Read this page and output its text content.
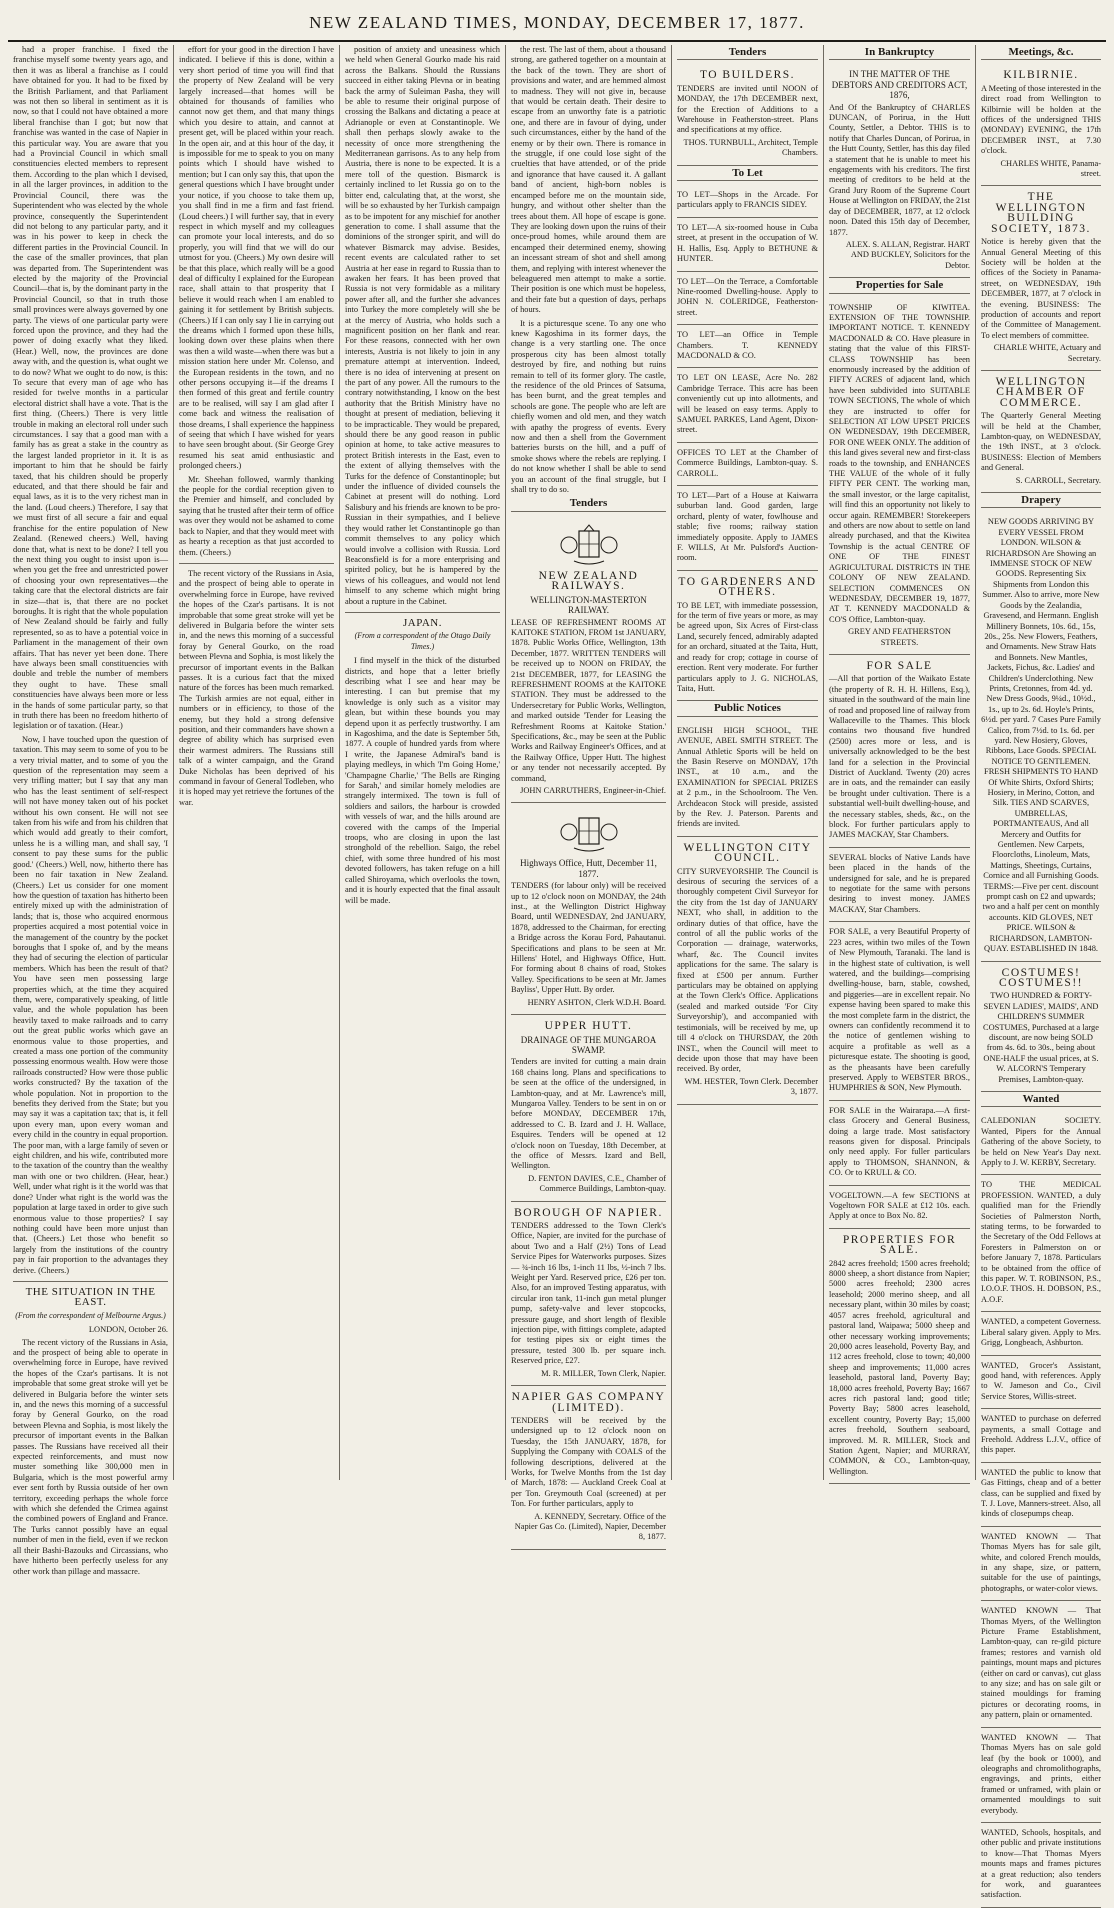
NEW ZEALAND TIMES, MONDAY, DECEMBER 17, 1877.

had a proper franchise. I fixed the franchise myself some twenty years ago, and then it was as liberal a franchise as I could have obtained for you. It had to be fixed by the British Parliament, and that Parliament was not then so liberal in sentiment as it is now, so that I could not have obtained a more liberal franchise than I got; but now that franchise was wanted in the case of Napier in this particular way. You are aware that you had a Provincial Council in which small constituencies elected members to represent them. According to the plan which I devised, in all the larger provinces, in addition to the Provincial Council, there was the Superintendent who was elected by the whole province, consequently the Superintendent did not belong to any particular party, and it was in his power to keep in check the different parties in the Provincial Council. In the case of the smaller provinces, that plan was departed from. The Superintendent was elected by the majority of the Provincial Council—that is, by the dominant party in the Provincial Council, so that in truth those small provinces were always governed by one party. The views of one particular party were forced upon the province, and they had the power of doing exactly what they liked. (Hear.) Well, now, the provinces are done away with, and the question is, what ought we to do now? What we ought to do now, is this: To secure that every man of age who has resided for twelve months in a particular electoral district shall have a vote. That is the first thing. (Cheers.) There is very little trouble in making an electoral roll under such circumstances. I say that a good man with a family has as great a stake in the country as the largest landed proprietor in it. It is as important to him that he should be fairly taxed, that his children should be properly educated, and that there should be fair and equal laws, as it is to the very richest man in the land. (Loud cheers.) Therefore, I say that we must first of all secure a fair and equal franchise for the entire population of New Zealand. (Renewed cheers.) Well, having done that, what is next to be done? I tell you the next thing you ought to insist upon is—when you get the free and unrestricted power of choosing your own representatives—the taking care that the electoral districts are fair in size—that is, that there are no pocket boroughs. It is right that the whole population of New Zealand should be fairly and fully represented, so as to have a potential voice in Parliament in the management of their own affairs. That has never yet been done. There have always been small constituencies with double and treble the number of members they ought to have. These small constituencies have always been more or less in the hands of some particular party, so that in truth there has been no freedom hitherto of legislation or of taxation. (Hear.)

Now, I have touched upon the question of taxation. This may seem to some of you to be a very trivial matter, and to some of you the question of the representation may seem a very trifling matter; but I say that any man who has the least sentiment of self-respect will not have money taken out of his pocket without his own consent. He will not see taken from his wife and from his children that which would add greatly to their comfort, unless he is a willing man, and shall say, 'I consent to pay these sums for the public good.' (Cheers.) Well, now, hitherto there has been no fair taxation in New Zealand. (Cheers.) Let us consider for one moment how the question of taxation has hitherto been entirely mixed up with the administration of lands; that is, those who acquired enormous properties acquired a most potential voice in the management of the country by the pocket boroughs that I spoke of, and by the means they had of securing the election of particular members. Which has been the result of that? You have seen men possessing large properties which, at the time they acquired them, were, comparatively speaking, of little value, and the whole population has been heavily taxed to make railroads and to carry out the great public works which gave an enormous value to those properties, and created a mass one portion of the community possessing enormous wealth. How were those railroads constructed? How were those public works constructed? By the taxation of the whole population. Not in proportion to the benefits they derived from the State; but you may say it was a capitation tax; that is, it fell upon every man, upon every woman and every child in the country in equal proportion. The poor man, with a large family of seven or eight children, and his wife, contributed more to the taxation of the country than the wealthy man with one or two children. (Hear, hear.) Well, under what right is it the world was that done? Under what right is the world was the population at large taxed in order to give such enormous value to those properties? I say nothing could have been more unjust than that. (Cheers.) Let those who benefit so largely from the institutions of the country pay in fair proportion to the advantages they derive. (Cheers.)

THE SITUATION IN THE EAST.
(From the correspondent of Melbourne Argus.)
LONDON, October 26.

The recent victory of the Russians in Asia, and the prospect of being able to operate in overwhelming force in Europe, have revived the hopes of the Czar's partisans. It is not improbable that some great stroke will yet be delivered in Bulgaria before the winter sets in, and the news this morning of a successful foray by General Gourko, on the road between Plevna and Sophia, is most likely the precursor of important events in the Balkan passes. The Russians have received all their expected reinforcements, and must now muster something like 300,000 men in Bulgaria, which is the most powerful army ever sent forth by Russia outside of her own territory, exceeding perhaps the whole force with which she defended the Crimea against the combined powers of England and France. The Turks cannot possibly have an equal number of men in the field, even if we reckon all their Bashi-Bazouks and Circassians, who have hitherto been perfectly useless for any other work than pillage and massacre.

effort for your good in the direction I have indicated. I believe if this is done, within a very short period of time you will find that the property of New Zealand will be very largely increased—that homes will be obtained for thousands of families who cannot now get them, and that many things which you desire to attain, and cannot at present get, will be placed within your reach. In the open air, and at this hour of the day, it is impossible for me to speak to you on many points which I should have wished to mention; but I can only say this, that upon the general questions which I have brought under your notice, if you choose to take them up, you shall find in me a firm and fast friend. (Loud cheers.) I will further say, that in every respect in which myself and my colleagues can promote your local interests, and do so properly, you will find that we will do our utmost for you. (Cheers.) My own desire will be that this place, which really will be a good deal of difficulty I explained for the European race, shall attain to that prosperity that I believe it would reach when I am enabled to gaining it for settlement by British subjects. (Cheers.) If I can only say I lie in carrying out the dreams which I formed upon these hills, looking down over these plains when there was then a wild waste—when there was but a mission station here under Mr. Colenso, and the European residents in the town, and no other persons occupying it—if the dreams I then formed of this great and fertile country are to be realised, will say I am glad after I come back and witness the realisation of those dreams, I shall experience the happiness of seeing that which I have wished for years to have seen brought about. (Sir George Grey resumed his seat amid enthusiastic and prolonged cheers.)

Mr. Sheehan followed, warmly thanking the people for the cordial reception given to the Premier and himself, and concluded by saying that he trusted after their term of office was over they would not be ashamed to come back to Napier, and that they would meet with as hearty a reception as that just accorded to them. (Cheers.)

The recent victory of the Russians in Asia, and the prospect of being able to operate in overwhelming force in Europe, have revived the hopes of the Czar's partisans. It is not improbable that some great stroke will yet be delivered in Bulgaria before the winter sets in, and the news this morning of a successful foray by General Gourko, on the road between Plevna and Sophia, is most likely the precursor of important events in the Balkan passes. It is a curious fact that the mixed nature of the forces has been much remarked. The Turkish armies are not equal, either in numbers or in efficiency, to those of the enemy, but they hold a strong defensive position, and their commanders have shown a degree of ability which has surprised even their warmest admirers. The Russians still talk of a winter campaign, and the Grand Duke Nicholas has been deprived of his command in favour of General Todleben, who it is hoped may yet retrieve the fortunes of the war.

position of anxiety and uneasiness which we held when General Gourko made his raid across the Balkans. Should the Russians succeed in either taking Plevna or in beating back the army of Suleiman Pasha, they will be able to resume their original purpose of crossing the Balkans and dictating a peace at Adrianople or even at Constantinople. We shall then perhaps slowly awake to the necessity of once more strengthening the Mediterranean garrisons. As to any help from Austria, there is none to be expected. It is a mere toll of the question. Bismarck is certainly inclined to let Russia go on to the bitter end, calculating that, at the worst, she will be so exhausted by her Turkish campaign as to be impotent for any mischief for another generation to come. I shall assume that the dominions of the stronger spirit, and will do whatever Bismarck may advise. Besides, recent events are calculated rather to set Austria at her ease in regard to Russia than to awaken her fears. It has been proved that Russia is not very formidable as a military power after all, and the further she advances into Turkey the more completely will she be at the mercy of Austria, who holds such a magnificent position on her flank and rear. For these reasons, connected with her own interests, Austria is not likely to join in any premature attempt at intervention. Indeed, there is no idea of intervening at present on the part of any power. All the rumours to the contrary notwithstanding, I know on the best authority that the British Ministry have no thought at present of mediation, believing it to be impracticable. They would be prepared, should there be any good reason in public opinion at home, to take active measures to protect British interests in the East, even to the extent of allying themselves with the Turks for the defence of Constantinople; but under the influence of divided counsels the Cabinet at present will do nothing. Lord Salisbury and his friends are known to be pro-Russian in their sympathies, and I believe they would rather let Constantinople go than commit themselves to any policy which would involve a collision with Russia. Lord Beaconsfield is for a more enterprising and spirited policy, but he is hampered by the views of his colleagues, and would not lend himself to any scheme which might bring about a rupture in the Cabinet.

JAPAN.
(From a correspondent of the Otago Daily Times.)

I find myself in the thick of the disturbed districts, and hope that a letter briefly describing what I see and hear may be interesting. I can but premise that my knowledge is only such as a visitor may glean, but within these bounds you may depend upon it as perfectly trustworthy. I am in Kagoshima, and the date is September 5th, 1877. A couple of hundred yards from where I write, the Japanese Admiral's band is playing medleys, in which 'I'm Going Home,' 'Champagne Charlie,' 'The Bells are Ringing for Sarah,' and similar homely melodies are strangely intermixed. The town is full of soldiers and sailors, the harbour is crowded with vessels of war, and the hills around are covered with the camps of the Imperial troops, who are closing in upon the last stronghold of the rebellion. Saigo, the rebel chief, with some three hundred of his most devoted followers, has taken refuge on a hill called Shiroyama, which overlooks the town, and it is hourly expected that the final assault will be made.

the rest. The last of them, about a thousand strong, are gathered together on a mountain at the back of the town. They are short of provisions and water, and are hemmed almost to madness. They will not give in, because that would be certain death. Their desire to escape from an unworthy fate is a patriotic one, and there are in favour of dying, under such circumstances, either by the hand of the enemy or by their own. There is romance in the struggle, if one could lose sight of the cruelties that have attended, or of the pride and ignorance that have caused it. A gallant band of ancient, high-born nobles is encamped before me on the mountain side, hungry, and without other shelter than the trees about them. All hope of escape is gone. They are looking down upon the ruins of their once-proud homes, while around them are encamped their determined enemy, showing an incessant stream of shot and shell among them, and replying with interest whenever the beleaguered men attempt to make a sortie. Their position is one which must be hopeless, and their fate but a question of days, perhaps of hours.

It is a picturesque scene. To any one who knew Kagoshima in its former days, the change is a very startling one. The once prosperous city has been almost totally destroyed by fire, and nothing but ruins remain to tell of its former glory. The castle, the residence of the old Princes of Satsuma, has been burnt, and the great temples and schools are gone. The people who are left are chiefly women and old men, and they watch with apathy the progress of events. Every now and then a shell from the Government batteries bursts on the hill, and a puff of smoke shows where the rebels are replying. I do not know whether I shall be able to send you an account of the final struggle, but I shall try to do so.

Tenders
NEW ZEALAND RAILWAYS.
WELLINGTON-MASTERTON RAILWAY.
LEASE OF REFRESHMENT ROOMS AT KAITOKE STATION, FROM 1st JANUARY, 1878. Public Works Office, Wellington, 13th December, 1877. WRITTEN TENDERS will be received up to NOON on FRIDAY, the 21st DECEMBER, 1877, for LEASING the REFRESHMENT ROOMS at the KAITOKE STATION. They must be addressed to the Undersecretary for Public Works, Wellington, and marked outside 'Tender for Leasing the Refreshment Rooms at Kaitoke Station.' Specifications, &c., may be seen at the Public Works and Railway Engineer's Offices, and at the Railway Office, Upper Hutt. The highest or any tender not necessarily accepted. By command,
JOHN CARRUTHERS, Engineer-in-Chief.
Highways Office, Hutt, December 11, 1877.
TENDERS (for labour only) will be received up to 12 o'clock noon on MONDAY, the 24th inst., at the Wellington District Highway Board, until WEDNESDAY, 2nd JANUARY, 1878, addressed to the Chairman, for erecting a Bridge across the Korau Ford, Pahautanui. Specifications and plans to be seen at Mr. Hillens' Hotel, and Highways Office, Hutt. For forming about 8 chains of road, Stokes Valley. Specifications to be seen at Mr. James Bayliss', Upper Hutt. By order.
HENRY ASHTON, Clerk W.D.H. Board.
UPPER HUTT.
DRAINAGE OF THE MUNGAROA SWAMP.
Tenders are invited for cutting a main drain 168 chains long. Plans and specifications to be seen at the office of the undersigned, in Lambton-quay, and at Mr. Lawrence's mill, Mungaroa Valley. Tenders to be sent in on or before MONDAY, DECEMBER 17th, addressed to C. B. Izard and J. H. Wallace, Esquires. Tenders will be opened at 12 o'clock noon on Tuesday, 18th December, at the office of Messrs. Izard and Bell, Wellington.
D. FENTON DAVIES, C.E., Chamber of Commerce Buildings, Lambton-quay.
BOROUGH OF NAPIER.
TENDERS addressed to the Town Clerk's Office, Napier, are invited for the purchase of about Two and a Half (2½) Tons of Lead Service Pipes for Waterworks purposes. Sizes — ¾-inch 16 lbs, 1-inch 11 lbs, ½-inch 7 lbs. Weight per Yard. Reserved price, £26 per ton. Also, for an improved Testing apparatus, with circular iron tank, 11-inch gun metal plunger pump, safety-valve and lever stopcocks, pressure gauge, and short length of flexible injection pipe, with fittings complete, adapted for testing pipes six or eight times the pressure, tested 300 lb. per square inch. Reserved price, £27.
M. R. MILLER, Town Clerk, Napier.
NAPIER GAS COMPANY (LIMITED).
TENDERS will be received by the undersigned up to 12 o'clock noon on Tuesday, the 15th JANUARY, 1878, for Supplying the Company with COALS of the following descriptions, delivered at the Works, for Twelve Months from the 1st day of March, 1878: — Auckland Creek Coal at per Ton. Greymouth Coal (screened) at per Ton. For further particulars, apply to
A. KENNEDY, Secretary. Office of the Napier Gas Co. (Limited), Napier, December 8, 1877.
Tenders
TO BUILDERS.
TENDERS are invited until NOON of MONDAY, the 17th DECEMBER next, for the Erection of Additions to a Warehouse in Featherston-street. Plans and specifications at my office.
THOS. TURNBULL, Architect, Temple Chambers.
To Let
TO LET—Shops in the Arcade. For particulars apply to FRANCIS SIDEY.
TO LET—A six-roomed house in Cuba street, at present in the occupation of W. H. Hallis, Esq. Apply to BETHUNE & HUNTER.
TO LET—On the Terrace, a Comfortable Nine-roomed Dwelling-house. Apply to JOHN N. COLERIDGE, Featherston-street.
TO LET—an Office in Temple Chambers. T. KENNEDY MACDONALD & CO.
TO LET ON LEASE, Acre No. 282 Cambridge Terrace. This acre has been conveniently cut up into allotments, and will be leased on easy terms. Apply to SAMUEL PARKES, Land Agent, Dixon-street.
OFFICES TO LET at the Chamber of Commerce Buildings, Lambton-quay. S. CARROLL.
TO LET—Part of a House at Kaiwarra suburban land. Good garden, large orchard, plenty of water, fowlhouse and stable; five rooms; railway station immediately opposite. Apply to JAMES F. WILLS, At Mr. Pulsford's Auction-room.
TO GARDENERS AND OTHERS.
TO BE LET, with immediate possession, for the term of five years or more, as may be agreed upon, Six Acres of First-class Land, securely fenced, admirably adapted for an orchard, situated at the Taita, Hutt, and ready for crop; cottage in course of erection. Rent very moderate. For further particulars apply to J. G. NICHOLAS, Taita, Hutt.
Public Notices
ENGLISH HIGH SCHOOL, THE AVENUE, ABEL SMITH STREET. The Annual Athletic Sports will be held on the Basin Reserve on MONDAY, 17th INST., at 10 a.m., and the EXAMINATION for SPECIAL PRIZES at 2 p.m., in the Schoolroom. The Ven. Archdeacon Stock will preside, assisted by the Rev. J. Paterson. Parents and friends are invited.
WELLINGTON CITY COUNCIL.
CITY SURVEYORSHIP. The Council is desirous of securing the services of a thoroughly competent Civil Surveyor for the city from the 1st day of JANUARY NEXT, who shall, in addition to the ordinary duties of that office, have the control of all the public works of the Corporation — drainage, waterworks, wharf, &c. The Council invites applications for the same. The salary is fixed at £500 per annum. Further particulars may be obtained on applying at the Town Clerk's Office. Applications (sealed and marked outside 'For City Surveyorship'), and accompanied with testimonials, will be received by me, up till 4 o'clock on THURSDAY, the 20th INST., when the Council will meet to decide upon those that may have been received. By order,
WM. HESTER, Town Clerk. December 3, 1877.
In Bankruptcy
IN THE MATTER OF THE DEBTORS AND CREDITORS ACT, 1876,
And Of the Bankruptcy of CHARLES DUNCAN, of Porirua, in the Hutt County, Settler, a Debtor. THIS is to notify that Charles Duncan, of Porirua, in the Hutt County, Settler, has this day filed a statement that he is unable to meet his engagements with his creditors. The first meeting of creditors to be held at the Grand Jury Room of the Supreme Court House at Wellington on FRIDAY, the 21st day of DECEMBER, 1877, at 12 o'clock noon. Dated this 15th day of December, 1877.
ALEX. S. ALLAN, Registrar. HART AND BUCKLEY, Solicitors for the Debtor.
Properties for Sale
TOWNSHIP OF KIWITEA. EXTENSION OF THE TOWNSHIP. IMPORTANT NOTICE. T. KENNEDY MACDONALD & CO. Have pleasure in stating that the value of this FIRST-CLASS TOWNSHIP has been enormously increased by the addition of FIFTY ACRES of adjacent land, which have been subdivided into SUITABLE TOWN SECTIONS, The whole of which they are instructed to offer for SELECTION AT LOW UPSET PRICES ON WEDNESDAY, 19th DECEMBER, FOR ONE WEEK ONLY. The addition of this land gives several new and first-class roads to the township, and ENHANCES THE VALUE of the whole of it fully FIFTY PER CENT. The working man, the small investor, or the large capitalist, will find this an opportunity not likely to occur again. REMEMBER! Storekeepers and others are now about to settle on land already purchased, and that the Kiwitea Township is the actual CENTRE OF ONE OF THE FINEST AGRICULTURAL DISTRICTS IN THE COLONY OF NEW ZEALAND. SELECTION COMMENCES ON WEDNESDAY, DECEMBER 19, 1877, AT T. KENNEDY MACDONALD & CO'S Office, Lambton-quay.
GREY AND FEATHERSTON STREETS.
FOR SALE
—All that portion of the Waikato Estate (the property of R. H. H. Hillens, Esq.), situated in the southward of the main line of road and proposed line of railway from Wallaceville to the Thames. This block contains two thousand five hundred (2500) acres more or less, and is universally acknowledged to be the best land for a selection in the Provincial District of Auckland. Twenty (20) acres are in oats, and the remainder can easily be brought under cultivation. There is a substantial well-built dwelling-house, and the necessary stables, sheds, &c., on the block. For further particulars apply to JAMES MACKAY, Star Chambers.
SEVERAL blocks of Native Lands have been placed in the hands of the undersigned for sale, and he is prepared to negotiate for the same with persons desiring to invest money. JAMES MACKAY, Star Chambers.
FOR SALE, a very Beautiful Property of 223 acres, within two miles of the Town of New Plymouth, Taranaki. The land is in the highest state of cultivation, is well watered, and the buildings—comprising dwelling-house, barn, stable, cowshed, and piggeries—are in excellent repair. No expense having been spared to make this the most complete farm in the district, the owners can confidently recommend it to the notice of gentlemen wishing to acquire a profitable as well as a picturesque estate. The shooting is good, as the pheasants have been carefully preserved. Apply to WEBSTER BROS., HUMPHRIES & SON, New Plymouth.
FOR SALE in the Wairarapa.—A first-class Grocery and General Business, doing a large trade. Most satisfactory reasons given for disposal. Principals only need apply. For fuller particulars apply to THOMSON, SHANNON, & CO. Or to KRULL & CO.
VOGELTOWN.—A few SECTIONS at Vogeltown FOR SALE at £12 10s. each. Apply at once to Box No. 82.
PROPERTIES FOR SALE.
2842 acres freehold; 1500 acres freehold; 8000 sheep, a short distance from Napier; 5000 acres freehold; 2300 acres leasehold; 2000 merino sheep, and all necessary plant, within 30 miles by coast; 4057 acres freehold, agricultural and pastoral land, Waipawa; 5000 sheep and other necessary working improvements; 20,000 acres leasehold, Poverty Bay, and 112 acres freehold, close to town; 40,000 sheep and improvements; 11,000 acres leasehold, pastoral land, Poverty Bay; 18,000 acres freehold, Poverty Bay; 1667 acres rich pastoral land; good title; Poverty Bay; 5800 acres leasehold, excellent country, Poverty Bay; 15,000 acres freehold, Southern seaboard, improved. M. R. MILLER, Stock and Station Agent, Napier; and MURRAY, COMMON, & CO., Lambton-quay, Wellington.
Meetings, &c.
KILBIRNIE.
A Meeting of those interested in the direct road from Wellington to Kilbirnie will be holden at the offices of the undersigned THIS (MONDAY) EVENING, the 17th DECEMBER INST., at 7.30 o'clock.
CHARLES WHITE, Panama-street.
THE WELLINGTON BUILDING SOCIETY, 1873.
Notice is hereby given that the Annual General Meeting of this Society will be holden at the offices of the Society in Panama-street, on WEDNESDAY, 19th DECEMBER, 1877, at 7 o'clock in the evening. BUSINESS: The production of accounts and report of the Committee of Management. To elect members of committee.
CHARLE WHITE, Actuary and Secretary.
WELLINGTON CHAMBER OF COMMERCE.
The Quarterly General Meeting will be held at the Chamber, Lambton-quay, on WEDNESDAY, the 19th INST., at 3 o'clock. BUSINESS: Election of Members and General.
S. CARROLL, Secretary.
Drapery
NEW GOODS ARRIVING BY EVERY VESSEL FROM LONDON. WILSON & RICHARDSON Are Showing an IMMENSE STOCK OF NEW GOODS. Representing Six Shipments from London this Summer. Also to arrive, more New Goods by the Zealandia, Gravesend, and Hermann. English Millinery Bonnets, 10s. 6d., 15s, 20s., 25s. New Flowers, Feathers, and Ornaments. New Straw Hats and Bonnets. New Mantles, Jackets, Fichus, &c. Ladies' and Children's Underclothing. New Prints, Cretonnes, from 4d. yd. New Dress Goods, 9¼d., 10½d., 1s., up to 2s. 6d. Hoyle's Prints, 6½d. per yard. 7 Cases Pure Family Calico, from 7½d. to 1s. 6d. per yard. New Hosiery, Gloves, Ribbons, Lace Goods. SPECIAL NOTICE TO GENTLEMEN. FRESH SHIPMENTS TO HAND Of White Shirts, Oxford Shirts; Hosiery, in Merino, Cotton, and Silk. TIES AND SCARVES, UMBRELLAS, PORTMANTEAUS, And all Mercery and Outfits for Gentlemen. New Carpets, Floorcloths, Linoleum, Mats, Mattings, Sheetings, Curtains, Cornice and all Furnishing Goods. TERMS:—Five per cent. discount prompt cash on £2 and upwards; two and a half per cent on monthly accounts. KID GLOVES, NET PRICE. WILSON & RICHARDSON, LAMBTON-QUAY. ESTABLISHED IN 1848.
COSTUMES! COSTUMES!!
TWO HUNDRED & FORTY-SEVEN LADIES', MAIDS', AND CHILDREN'S SUMMER COSTUMES, Purchased at a large discount, are now being SOLD from 4s. 6d. to 30s., being about ONE-HALF the usual prices, at S. W. ALCORN'S Temperary Premises, Lambton-quay.
Wanted
CALEDONIAN SOCIETY. Wanted, Pipers for the Annual Gathering of the above Society, to be held on New Year's Day next. Apply to J. W. KERBY, Secretary.
TO THE MEDICAL PROFESSION. WANTED, a duly qualified man for the Friendly Societies of Palmerston North, stating terms, to be forwarded to the Secretary of the Odd Fellows at Foresters in Palmerston on or before January 7, 1878. Particulars to be obtained from the office of this paper. W. T. ROBINSON, P.S., I.O.O.F. THOS. H. DOBSON, P.S., A.O.F.
WANTED, a competent Governess. Liberal salary given. Apply to Mrs. Grigg, Longbeach, Ashburton.
WANTED, Grocer's Assistant, good hand, with references. Apply to W. Jameson and Co., Civil Service Stores, Willis-street.
WANTED to purchase on deferred payments, a small Cottage and Freehold. Address L.J.V., office of this paper.
WANTED the public to know that Gas Fittings, cheap and of a better class, can be supplied and fixed by T. J. Love, Manners-street. Also, all kinds of closepumps cheap.
WANTED KNOWN — That Thomas Myers has for sale gilt, white, and colored French moulds, in any shape, size, or pattern, suitable for the use of paintings, photographs, or water-color views.
WANTED KNOWN — That Thomas Myers, of the Wellington Picture Frame Establishment, Lambton-quay, can re-gild picture frames; restores and varnish old paintings, mount maps and pictures (either on card or canvas), cut glass to any size; and has on sale gilt or stained mouldings for framing pictures or decorating rooms, in any pattern, plain or ornamented.
WANTED KNOWN — That Thomas Myers has on sale gold leaf (by the book or 1000), and oleographs and chromolithographs, engravings, and prints, either framed or unframed, with plain or ornamented mouldings to suit everybody.
WANTED, Schools, hospitals, and other public and private institutions to know—That Thomas Myers mounts maps and frames pictures at a great reduction; also tenders for work, and guarantees satisfaction.
